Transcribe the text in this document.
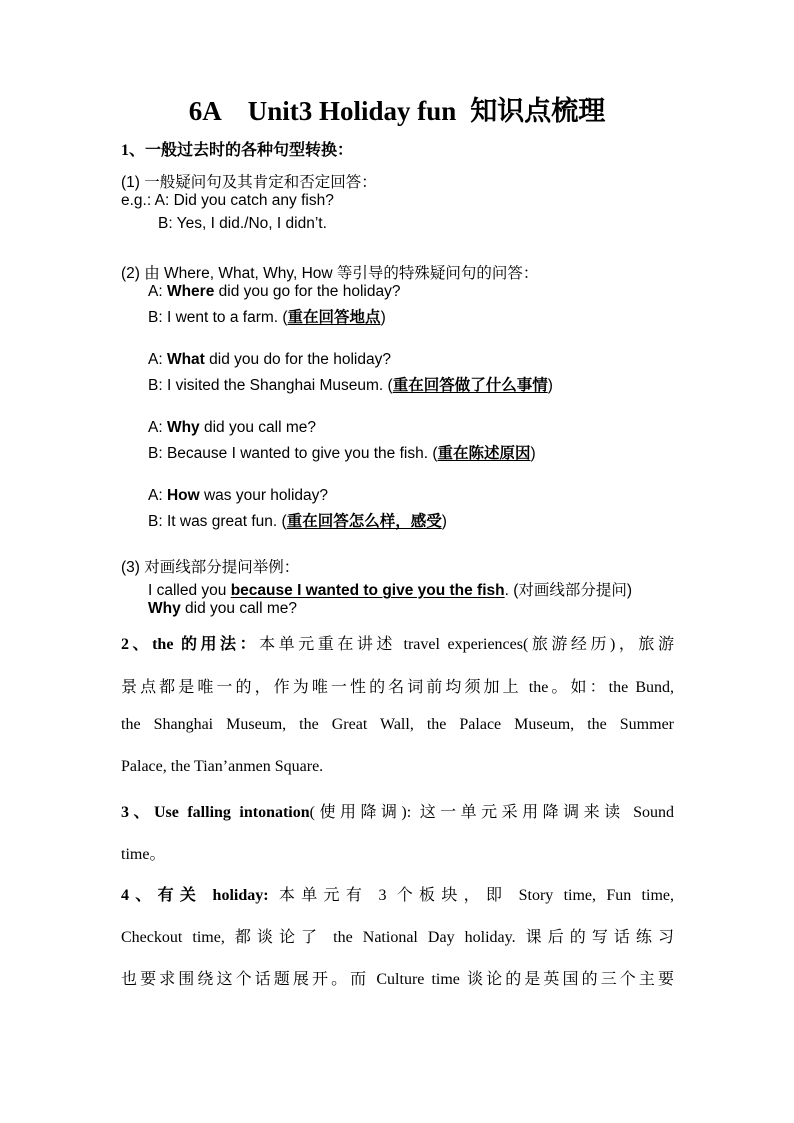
6A Unit3 Holiday fun 知识点梳理
1、一般过去时的各种句型转换：
(1) 一般疑问句及其肯定和否定回答：
e.g.: A: Did you catch any fish?
B: Yes, I did./No, I didn’t.
(2) 由 Where, What, Why, How 等引导的特殊疑问句的问答：
A: Where did you go for the holiday?
B: I went to a farm. (重在回答地点)
A: What did you do for the holiday?
B: I visited the Shanghai Museum. (重在回答做了什么事情)
A: Why did you call me?
B: Because I wanted to give you the fish. (重在陈述原因)
A: How was your holiday?
B: It was great fun. (重在回答怎么样，感受)
(3) 对画线部分提问举例：
I called you because I wanted to give you the fish. (对画线部分提问)
Why did you call me?
2、the 的用法：本单元重在讲述 travel experiences(旅游经历)，旅游
景点都是唯一的，作为唯一性的名词前均须加上 the。如：the Bund,
the Shanghai Museum, the Great Wall, the Palace Museum, the Summer
Palace, the Tian’anmen Square.
3、Use falling intonation(使用降调): 这一单元采用降调来读 Sound
time。
4、有关 holiday: 本单元有 3 个板块，即 Story time, Fun time,
Checkout time, 都谈论了 the National Day holiday. 课后的写话练习
也要求围绕这个话题展开。而 Culture time 谈论的是英国的三个主要
